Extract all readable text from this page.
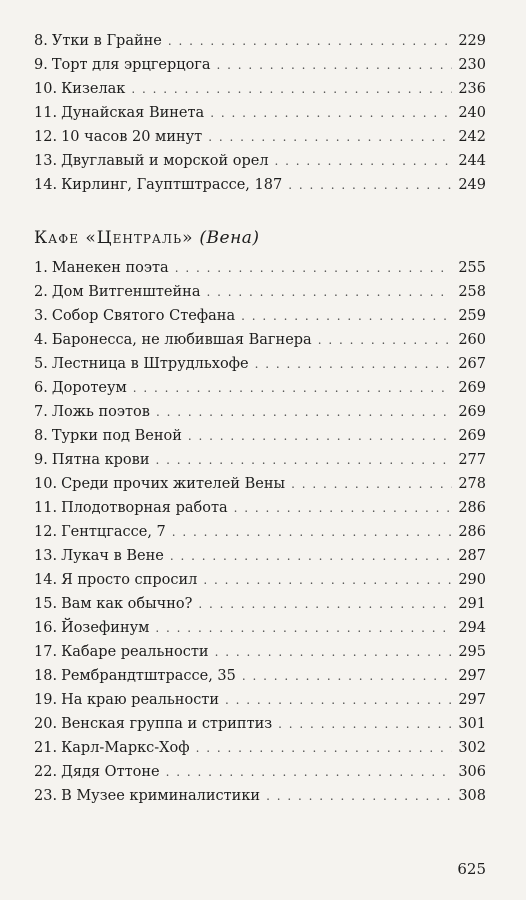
8. Утки в Грайне . . .	229
9. Торт для эрцгерцога . . .	230
10. Кизелак . . .	236
11. Дунайская Винета . . .	240
12. 10 часов 20 минут . . .	242
13. Двуглавый и морской орел . . .	244
14. Кирлинг, Гауптштрассе, 187 . . .	249
Кафе «Централь» (Вена)
1. Манекен поэта . . .	255
2. Дом Витгенштейна . . .	258
3. Собор Святого Стефана . . .	259
4. Баронесса, не любившая Вагнера . . .	260
5. Лестница в Штрудльхофе . . .	267
6. Доротеум . . .	269
7. Ложь поэтов . . .	269
8. Турки под Веной . . .	269
9. Пятна крови . . .	277
10. Среди прочих жителей Вены . . .	278
11. Плодотворная работа . . .	286
12. Гентцгассе, 7 . . .	286
13. Лукач в Вене . . .	287
14. Я просто спросил . . .	290
15. Вам как обычно? . . .	291
16. Йозефинум . . .	294
17. Кабаре реальности . . .	295
18. Рембрандтштрассе, 35 . . .	297
19. На краю реальности . . .	297
20. Венская группа и стриптиз . . .	301
21. Карл-Маркс-Хоф . . .	302
22. Дядя Оттоне . . .	306
23. В Музее криминалистики . . .	308
625
